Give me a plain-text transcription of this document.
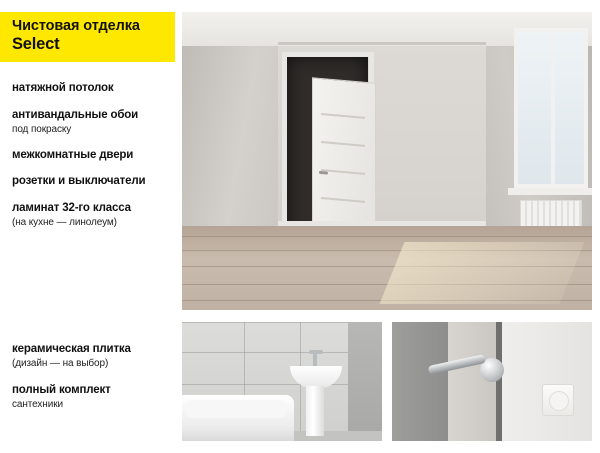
Чистовая отделка
Select
натяжной потолок
антивандальные обои
под покраску
межкомнатные двери
розетки и выключатели
ламинат 32-го класса
(на кухне — линолеум)
керамическая плитка
(дизайн — на выбор)
полный комплект
сантехники
